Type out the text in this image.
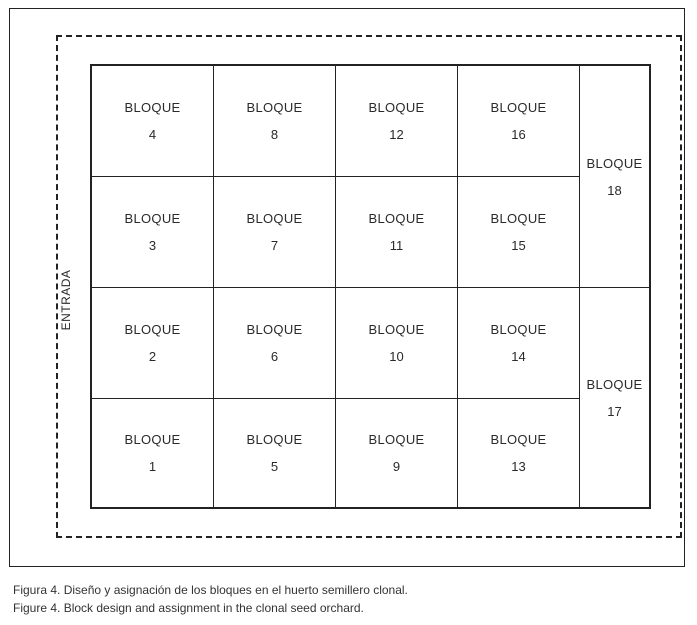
ENTRADA
BLOQUE
4
BLOQUE
8
BLOQUE
12
BLOQUE
16
BLOQUE
3
BLOQUE
7
BLOQUE
11
BLOQUE
15
BLOQUE
2
BLOQUE
6
BLOQUE
10
BLOQUE
14
BLOQUE
1
BLOQUE
5
BLOQUE
9
BLOQUE
13
BLOQUE
18
BLOQUE
17
Figura 4. Diseño y asignación de los bloques en el huerto semillero clonal.
Figure 4. Block design and assignment in the clonal seed orchard.
